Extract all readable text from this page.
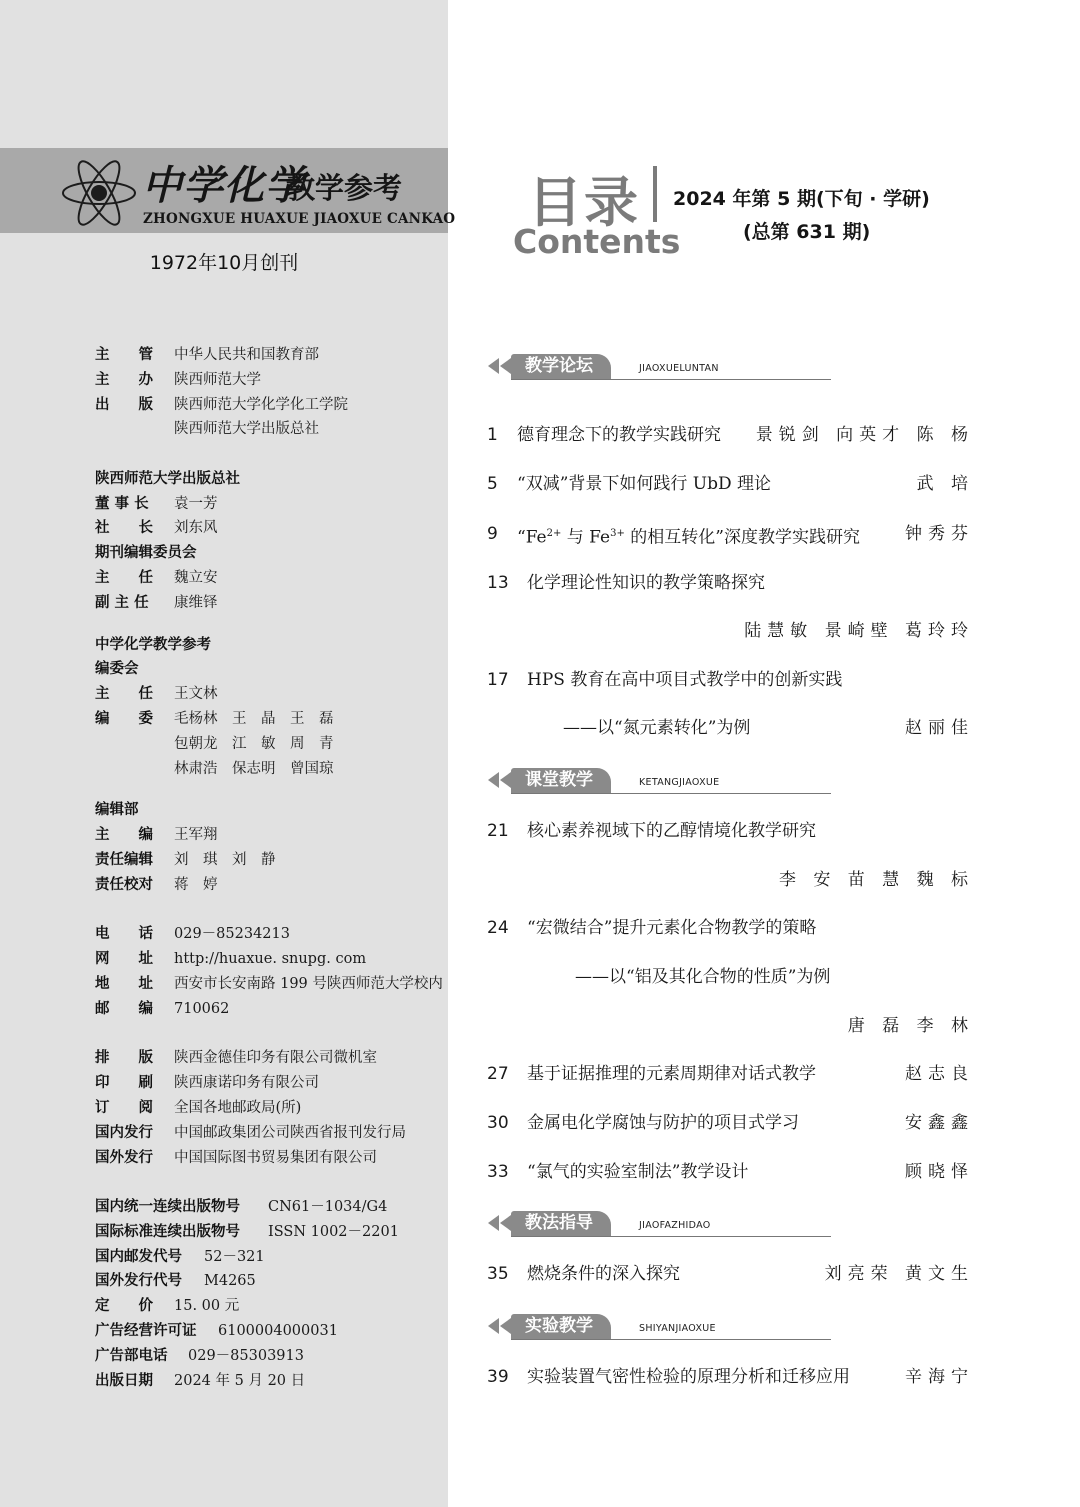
中学化学
教学参考
ZHONGXUE HUAXUE JIAOXUE CANKAO
1972年10月创刊
主　　管 中华人民共和国教育部
主　　办 陕西师范大学
出　　版 陕西师范大学化学化工学院
陕西师范大学出版总社
陕西师范大学出版总社
董 事 长 袁一芳
社　　长 刘东风
期刊编辑委员会
主　　任 魏立安
副 主 任 康维铎
中学化学教学参考
编委会
主　　任 王文林
编　　委 毛杨林　王　晶　王　磊
包朝龙　江　敏　周　青
林肃浩　保志明　曾国琼
编辑部
主　　编 王军翔
责任编辑 刘　琪　刘　静
责任校对 蒋　婷
电　　话 029－85234213
网　　址 http://huaxue. snupg. com
地　　址 西安市长安南路 199 号陕西师范大学校内
邮　　编 710062
排　　版 陕西金德佳印务有限公司微机室
印　　刷 陕西康诺印务有限公司
订　　阅 全国各地邮政局(所)
国内发行 中国邮政集团公司陕西省报刊发行局
国外发行 中国国际图书贸易集团有限公司
国内统一连续出版物号 CN61－1034/G4
国际标准连续出版物号 ISSN 1002－2201
国内邮发代号 52－321
国外发行代号 M4265
定　　价 15. 00 元
广告经营许可证 6100004000031
广告部电话 029－85303913
出版日期 2024 年 5 月 20 日
目录
Contents
2024 年第 5 期(下旬 · 学研)
(总第 631 期)
教学论坛	JIAOXUELUNTAN
课堂教学	KETANGJIAOXUE
教法指导	JIAOFAZHIDAO
实验教学	SHIYANJIAOXUE
1 德育理念下的教学实践研究 景锐剑 向英才 陈 杨
5 “双减”背景下如何践行 UbD 理论	武 培
9 “$Fe^{2+}$ 与 $Fe^{3+}$ 的相互转化”深度教学实践研究	钟秀芬
13 化学理论性知识的教学策略探究
陆慧敏 景崎壁 葛玲玲
17 HPS 教育在高中项目式教学中的创新实践
——以“氮元素转化”为例	赵丽佳
21 核心素养视域下的乙醇情境化教学研究
李 安 苗 慧 魏 标
24 “宏微结合”提升元素化合物教学的策略
——以“铝及其化合物的性质”为例
唐 磊 李 林
27 基于证据推理的元素周期律对话式教学	赵志良
30 金属电化学腐蚀与防护的项目式学习	安鑫鑫
33 “氯气的实验室制法”教学设计	顾晓怿
35 燃烧条件的深入探究	刘亮荣 黄文生
39 实验装置气密性检验的原理分析和迁移应用	辛海宁
